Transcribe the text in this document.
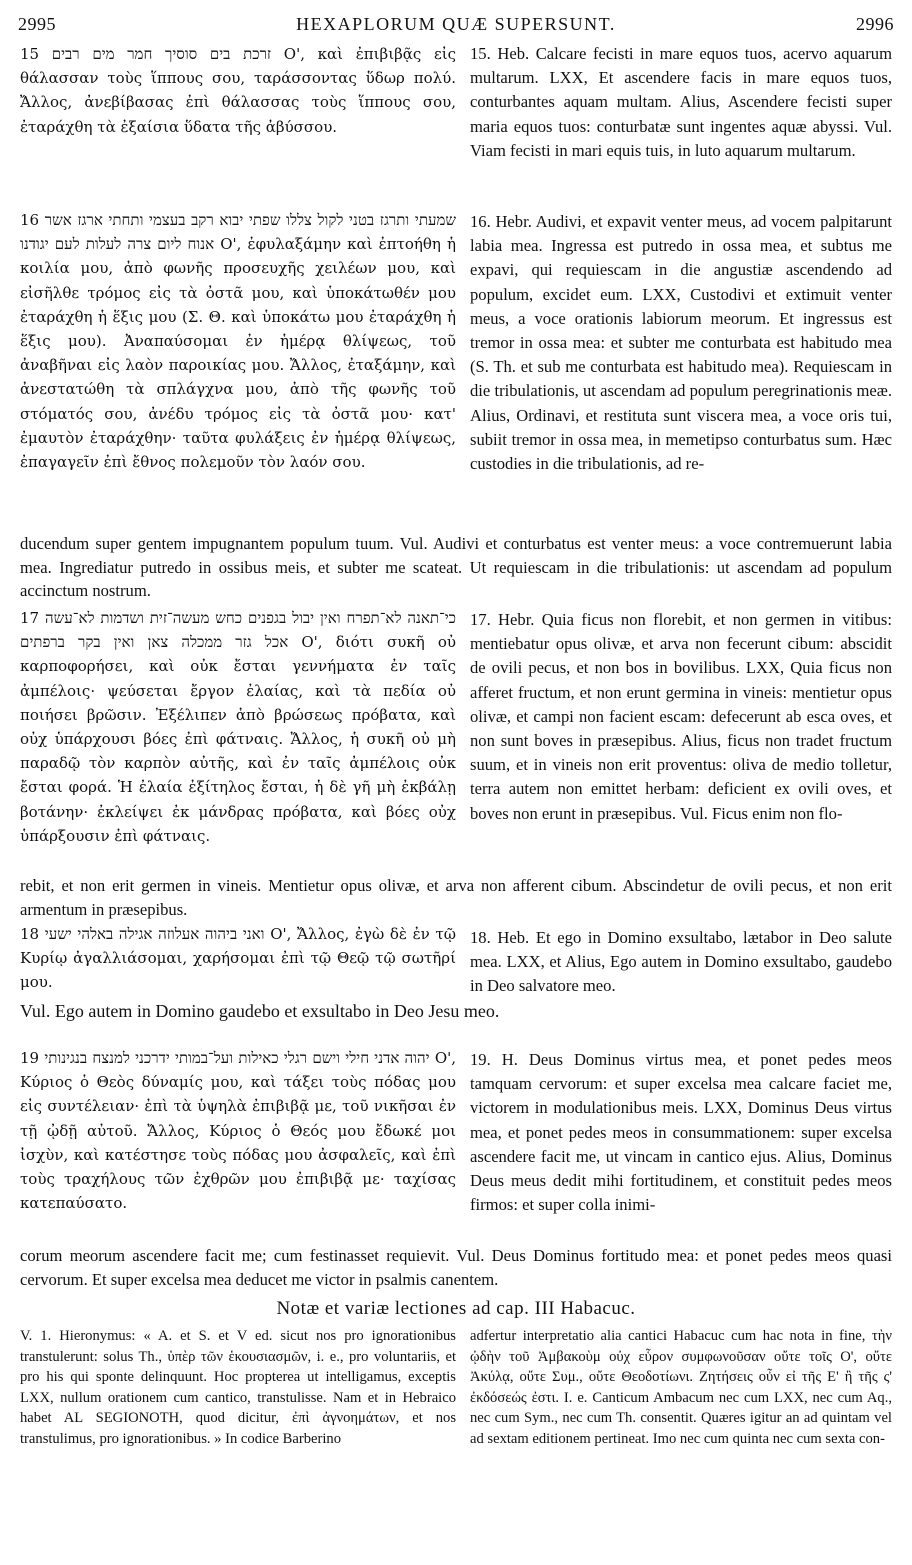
2995	HEXAPLORUM QUÆ SUPERSUNT.	2996
15 זרכת בים סוסיך חמר מים רבים O', καὶ ἐπιβιβᾷς εἰς θάλασσαν τοὺς ἵππους σου, ταράσσοντας ὕδωρ πολύ. Ἄλλος, ἀνεβίβασας ἐπὶ θάλασσας τοὺς ἵππους σου, ἐταράχθη τὰ ἐξαίσια ὕδατα τῆς ἀβύσσου.
15. Heb. Calcare fecisti in mare equos tuos, acervo aquarum multarum. LXX, Et ascendere facis in mare equos tuos, conturbantes aquam multam. Alius, Ascendere fecisti super maria equos tuos: conturbatæ sunt ingentes aquæ abyssi. Vul. Viam fecisti in mari equis tuis, in luto aquarum multarum.
16 שמעתי ותרגז בטני לקול צללו שפתי יבוא רקב בעצמי ותחתי ארגז אשר אנוח ליום צרה לעלות לעם יגודנו O', ἐφυλαξάμην καὶ ἐπτοήθη ἡ κοιλία μου, ἀπὸ φωνῆς προσευχῆς χειλέων μου, καὶ εἰσῆλθε τρόμος εἰς τὰ ὀστᾶ μου, καὶ ὑποκάτωθέν μου ἐταράχθη ἡ ἕξις μου (Σ. Θ. καὶ ὑποκάτω μου ἐταράχθη ἡ ἕξις μου). Ἀναπαύσομαι ἐν ἡμέρᾳ θλίψεως, τοῦ ἀναβῆναι εἰς λαὸν παροικίας μου. Ἄλλος, ἐταξάμην, καὶ ἀνεστατώθη τὰ σπλάγχνα μου, ἀπὸ τῆς φωνῆς τοῦ στόματός σου, ἀνέδυ τρόμος εἰς τὰ ὀστᾶ μου· κατ' ἐμαυτὸν ἐταράχθην· ταῦτα φυλάξεις ἐν ἡμέρᾳ θλίψεως, ἐπαγαγεῖν ἐπὶ ἔθνος πολεμοῦν τὸν λαόν σου.
16. Hebr. Audivi, et expavit venter meus, ad vocem palpitarunt labia mea. Ingressa est putredo in ossa mea, et subtus me expavi, qui requiescam in die angustiæ ascendendo ad populum, excidet eum. LXX, Custodivi et extimuit venter meus, a voce orationis labiorum meorum. Et ingressus est tremor in ossa mea: et subter me conturbata est habitudo mea (S. Th. et sub me conturbata est habitudo mea). Requiescam in die tribulationis, ut ascendam ad populum peregrinationis meæ. Alius, Ordinavi, et restituta sunt viscera mea, a voce oris tui, subiit tremor in ossa mea, in memetipso conturbatus sum. Hæc custodies in die tribulationis, ad re-
ducendum super gentem impugnantem populum tuum. Vul. Audivi et conturbatus est venter meus: a voce contremuerunt labia mea. Ingrediatur putredo in ossibus meis, et subter me scateat. Ut requiescam in die tribulationis: ut ascendam ad populum accinctum nostrum.
17 כי־תאנה לא־תפרח ואין יבול בגפנים כחש מעשה־זית ושדמות לא־עשה אכל גזר ממכלה צאן ואין בקר ברפתים O', διότι συκῆ οὐ καρποφορήσει, καὶ οὐκ ἔσται γεννήματα ἐν ταῖς ἀμπέλοις· ψεύσεται ἔργον ἐλαίας, καὶ τὰ πεδία οὐ ποιήσει βρῶσιν. Ἐξέλιπεν ἀπὸ βρώσεως πρόβατα, καὶ οὐχ ὑπάρχουσι βόες ἐπὶ φάτναις. Ἄλλος, ἡ συκῆ οὐ μὴ παραδῷ τὸν καρπὸν αὐτῆς, καὶ ἐν ταῖς ἀμπέλοις οὐκ ἔσται φορά. Ἡ ἐλαία ἐξίτηλος ἔσται, ἡ δὲ γῆ μὴ ἐκβάλῃ βοτάνην· ἐκλείψει ἐκ μάνδρας πρόβατα, καὶ βόες οὐχ ὑπάρξουσιν ἐπὶ φάτναις.
17. Hebr. Quia ficus non florebit, et non germen in vitibus: mentiebatur opus olivæ, et arva non fecerunt cibum: abscidit de ovili pecus, et non bos in bovilibus. LXX, Quia ficus non afferet fructum, et non erunt germina in vineis: mentietur opus olivæ, et campi non facient escam: defecerunt ab esca oves, et non sunt boves in præsepibus. Alius, ficus non tradet fructum suum, et in vineis non erit proventus: oliva de medio tolletur, terra autem non emittet herbam: deficient ex ovili oves, et boves non erunt in præsepibus. Vul. Ficus enim non flo-
rebit, et non erit germen in vineis. Mentietur opus olivæ, et arva non afferent cibum. Abscindetur de ovili pecus, et non erit armentum in præsepibus.
18 ואני ביהוה אעלוזה אגילה באלהי ישעי O', Ἄλλος, ἐγὼ δὲ ἐν τῷ Κυρίῳ ἀγαλλιάσομαι, χαρήσομαι ἐπὶ τῷ Θεῷ τῷ σωτῆρί μου.
18. Heb. Et ego in Domino exsultabo, lætabor in Deo salute mea. LXX, et Alius, Ego autem in Domino exsultabo, gaudebo in Deo salvatore meo.
Vul. Ego autem in Domino gaudebo et exsultabo in Deo Jesu meo.
19 יהוה אדני חילי וישם רגלי כאילות ועל־במותי ידרכני למנצח בנגינותי O', Κύριος ὁ Θεὸς δύναμίς μου, καὶ τάξει τοὺς πόδας μου εἰς συντέλειαν· ἐπὶ τὰ ὑψηλὰ ἐπιβιβᾷ με, τοῦ νικῆσαι ἐν τῇ ᾠδῇ αὐτοῦ. Ἄλλος, Κύριος ὁ Θεός μου ἔδωκέ μοι ἰσχὺν, καὶ κατέστησε τοὺς πόδας μου ἀσφαλεῖς, καὶ ἐπὶ τοὺς τραχήλους τῶν ἐχθρῶν μου ἐπιβιβᾷ με· ταχίσας κατεπαύσατο.
19. H. Deus Dominus virtus mea, et ponet pedes meos tamquam cervorum: et super excelsa mea calcare faciet me, victorem in modulationibus meis. LXX, Dominus Deus virtus mea, et ponet pedes meos in consummationem: super excelsa ascendere facit me, ut vincam in cantico ejus. Alius, Dominus Deus meus dedit mihi fortitudinem, et constituit pedes meos firmos: et super colla inimi-
corum meorum ascendere facit me; cum festinasset requievit. Vul. Deus Dominus fortitudo mea: et ponet pedes meos quasi cervorum. Et super excelsa mea deducet me victor in psalmis canentem.
Notæ et variæ lectiones ad cap. III Habacuc.
V. 1. Hieronymus: « A. et S. et V ed. sicut nos pro ignorationibus transtulerunt: solus Th., ὑπὲρ τῶν ἑκουσιασμῶν, i. e., pro voluntariis, et pro his qui sponte delinquunt. Hoc propterea ut intelligamus, exceptis LXX, nullum orationem cum cantico, transtulisse. Nam et in Hebraico habet AL SEGIONOTH, quod dicitur, ἐπὶ ἀγνοημάτων, et nos transtulimus, pro ignorationibus. » In codice Barberino
adfertur interpretatio alia cantici Habacuc cum hac nota in fine, τὴν ᾠδὴν τοῦ Ἀμβακοὺμ οὐχ εὗρον συμφωνοῦσαν οὔτε τοῖς O', οὔτε Ἀκύλᾳ, οὔτε Συμ., οὔτε Θεοδοτίωνι. Ζητήσεις οὖν εἰ τῆς Ε' ἢ τῆς ς' ἐκδόσεώς ἐστι. I. e. Canticum Ambacum nec cum LXX, nec cum Aq., nec cum Sym., nec cum Th. consentit. Quæres igitur an ad quintam vel ad sextam editionem pertineat. Imo nec cum quinta nec cum sexta con-
